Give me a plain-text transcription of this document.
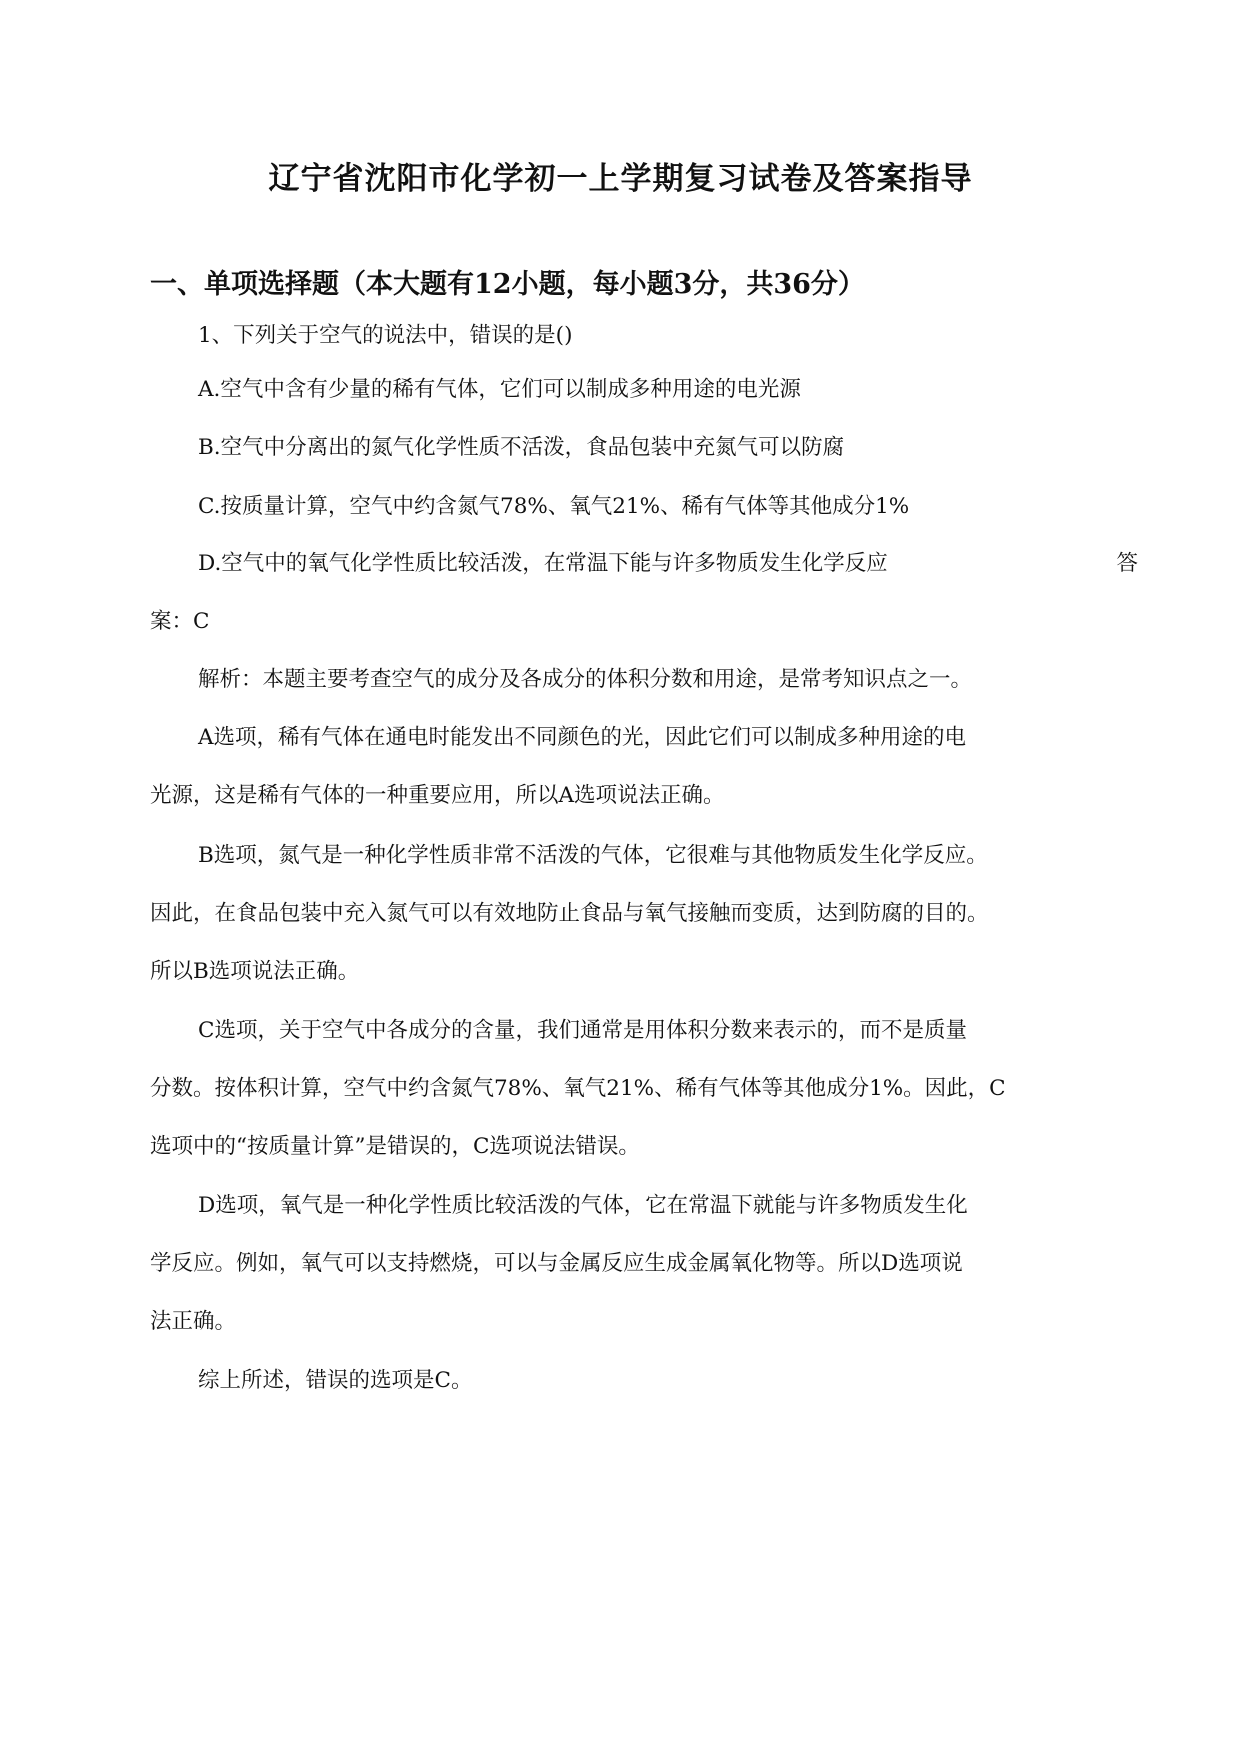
辽宁省沈阳市化学初一上学期复习试卷及答案指导
一、单项选择题（本大题有12小题，每小题3分，共36分）
1、下列关于空气的说法中，错误的是()
A.空气中含有少量的稀有气体，它们可以制成多种用途的电光源
B.空气中分离出的氮气化学性质不活泼，食品包装中充氮气可以防腐
C.按质量计算，空气中约含氮气78%、氧气21%、稀有气体等其他成分1%
D.空气中的氧气化学性质比较活泼，在常温下能与许多物质发生化学反应	答
案：C
解析：本题主要考查空气的成分及各成分的体积分数和用途，是常考知识点之一。
A选项，稀有气体在通电时能发出不同颜色的光，因此它们可以制成多种用途的电
光源，这是稀有气体的一种重要应用，所以A选项说法正确。
B选项，氮气是一种化学性质非常不活泼的气体，它很难与其他物质发生化学反应。
因此，在食品包装中充入氮气可以有效地防止食品与氧气接触而变质，达到防腐的目的。
所以B选项说法正确。
C选项，关于空气中各成分的含量，我们通常是用体积分数来表示的，而不是质量
分数。按体积计算，空气中约含氮气78%、氧气21%、稀有气体等其他成分1%。因此，C
选项中的“按质量计算”是错误的，C选项说法错误。
D选项，氧气是一种化学性质比较活泼的气体，它在常温下就能与许多物质发生化
学反应。例如，氧气可以支持燃烧，可以与金属反应生成金属氧化物等。所以D选项说
法正确。
综上所述，错误的选项是C。
